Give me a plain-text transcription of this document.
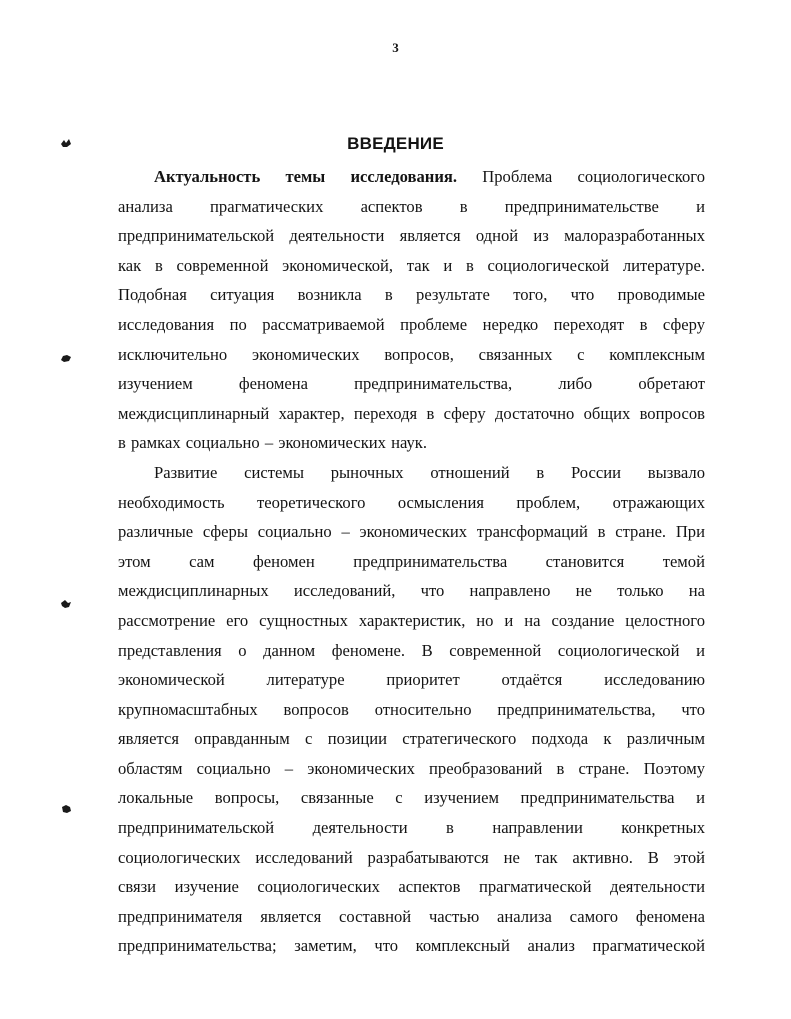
3
ВВЕДЕНИЕ
Актуальность темы исследования. Проблема социологического
анализа прагматических аспектов в предпринимательстве и
предпринимательской деятельности является одной из малоразработанных
как в современной экономической, так и в социологической литературе.
Подобная ситуация возникла в результате того, что проводимые
исследования по рассматриваемой проблеме нередко переходят в сферу
исключительно экономических вопросов, связанных с комплексным
изучением феномена предпринимательства, либо обретают
междисциплинарный характер, переходя в сферу достаточно общих вопросов
в рамках социально – экономических наук.
Развитие системы рыночных отношений в России вызвало
необходимость теоретического осмысления проблем, отражающих
различные сферы социально – экономических трансформаций в стране. При
этом сам феномен предпринимательства становится темой
междисциплинарных исследований, что направлено не только на
рассмотрение его сущностных характеристик, но и на создание целостного
представления о данном феномене. В современной социологической и
экономической литературе приоритет отдаётся исследованию
крупномасштабных вопросов относительно предпринимательства, что
является оправданным с позиции стратегического подхода к различным
областям социально – экономических преобразований в стране. Поэтому
локальные вопросы, связанные с изучением предпринимательства и
предпринимательской деятельности в направлении конкретных
социологических исследований разрабатываются не так активно. В этой
связи изучение социологических аспектов прагматической деятельности
предпринимателя является составной частью анализа самого феномена
предпринимательства; заметим, что комплексный анализ прагматической
